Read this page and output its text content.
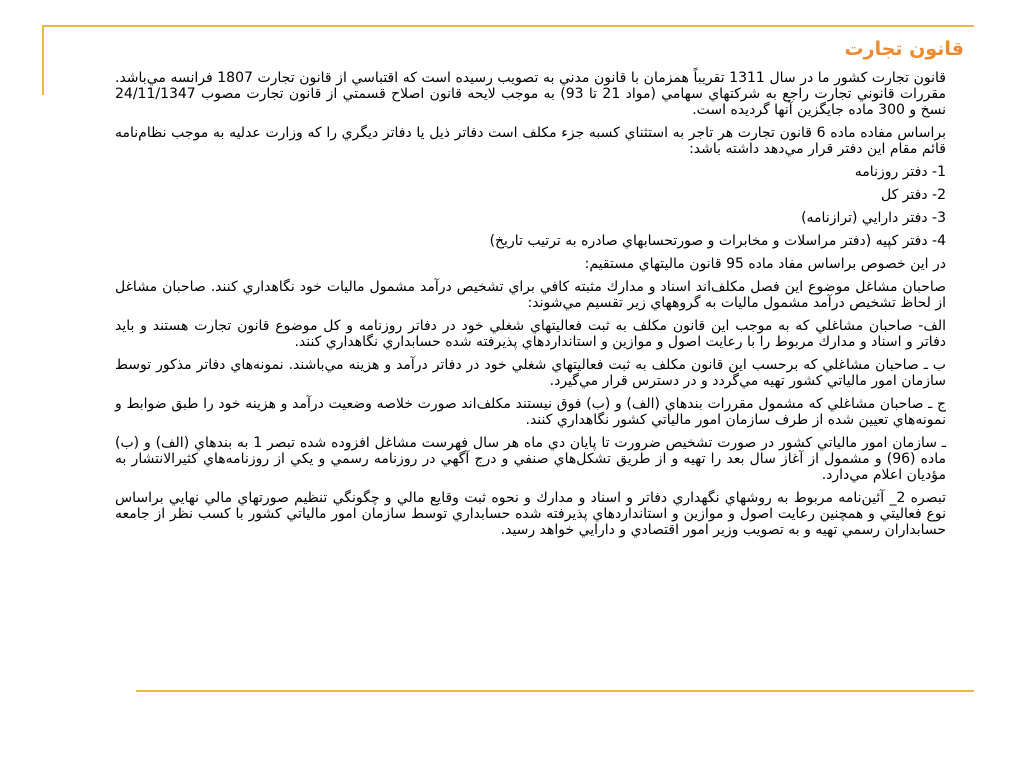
قانون تجارت

قانون تجارت كشور ما در سال 1311 تقريباً همزمان با قانون مدني به تصويب رسيده است كه اقتباسي از قانون تجارت 1807 فرانسه مي‌باشد. مقررات قانوني تجارت راجع به شركتهاي سهامي (مواد 21 تا 93) به موجب لايحه قانون اصلاح قسمتي از قانون تجارت مصوب 24/11/1347 نسخ و 300 ماده جايگزين آنها گرديده است.

براساس مفاده ماده 6 قانون تجارت هر تاجر به استثناي كسبه جزء مكلف است دفاتر ذيل يا دفاتر ديگري را كه وزارت عدليه به موجب نظام‌نامه قائم مقام اين دفتر قرار مي‌دهد داشته باشد:

1- دفتر روزنامه

2- دفتر كل

3- دفتر دارايي (ترازنامه)

4- دفتر كپيه (دفتر مراسلات و مخابرات و صورتحسابهاي صادره به ترتيب تاريخ)

در اين خصوص براساس مفاد ماده 95 قانون ماليتهاي مستقيم:

صاحبان مشاغل موضوع اين فصل مكلف‌اند اسناد و مدارك مثبته كافي براي تشخيص درآمد مشمول ماليات خود نگاهداري كنند. صاحبان مشاغل از لحاظ تشخيص درآمد مشمول ماليات به گروههاي زير تقسيم مي‌شوند:

الف- صاحبان مشاغلي كه به موجب اين قانون مكلف به ثبت فعاليتهاي شغلي خود در دفاتر روزنامه و كل موضوع قانون تجارت هستند و بايد دفاتر و اسناد و مدارك مربوط را با رعايت اصول و موازين و استانداردهاي پذيرفته شده حسابداري نگاهداري كنند.

ب ـ صاحبان مشاغلي كه برحسب اين قانون مكلف به ثبت فعاليتهاي شغلي خود در دفاتر درآمد و هزينه مي‌باشند. نمونه‌هاي دفاتر مذكور توسط سازمان امور مالياتي كشور تهيه مي‌گردد و در دسترس قرار مي‌گيرد.

ج ـ صاحبان مشاغلي كه مشمول مقررات بندهاي (الف) و (ب) فوق نيستند مكلف‌اند صورت خلاصه وضعيت درآمد و هزينه خود را طبق ضوابط و نمونه‌هاي تعيين شده از طرف سازمان امور مالياتي كشور نگاهداري كنند.

ـ سازمان امور مالياتي كشور در صورت تشخيص ضرورت تا پايان دي ماه هر سال فهرست مشاغل افزوده شده تبصر 1 به بندهاي (الف) و (ب) ماده (96) و مشمول از آغاز سال بعد را تهيه و از طريق تشكل‌هاي صنفي و درج آگهي در روزنامه رسمي و يكي از روزنامه‌هاي كثيرالانتشار به مؤديان اعلام مي‌دارد.

تبصره 2_ آئين‌نامه مربوط به روشهاي نگهداري دفاتر و اسناد و مدارك و نحوه ثبت وقايع مالي و چگونگي تنظيم صورتهاي مالي نهايي براساس نوع فعاليتي و همچنين رعايت اصول و موازين و استانداردهاي پذيرفته شده حسابداري توسط سازمان امور مالياتي كشور با كسب نظر از جامعه حسابداران رسمي تهيه و به تصويب وزير امور اقتصادي و دارايي خواهد رسيد.
